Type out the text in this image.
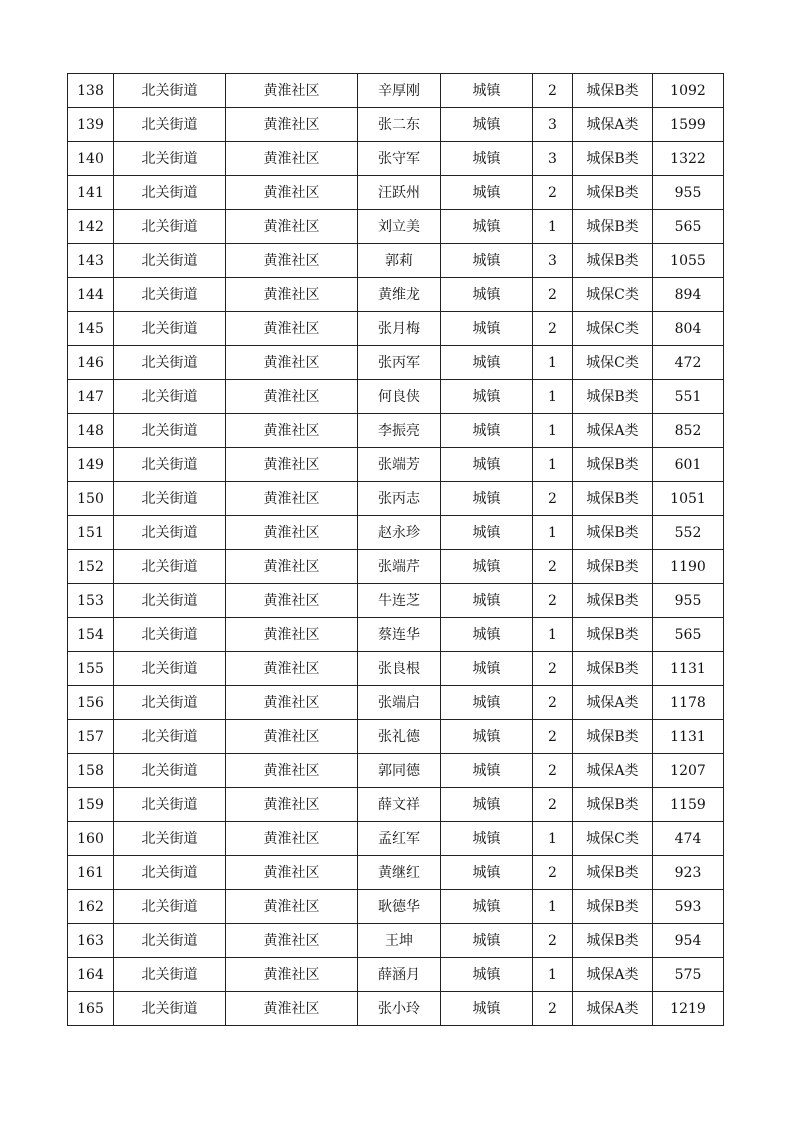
138	北关街道	黄淮社区	辛厚刚	城镇	2	城保B类	1092
139	北关街道	黄淮社区	张二东	城镇	3	城保A类	1599
140	北关街道	黄淮社区	张守军	城镇	3	城保B类	1322
141	北关街道	黄淮社区	汪跃州	城镇	2	城保B类	955
142	北关街道	黄淮社区	刘立美	城镇	1	城保B类	565
143	北关街道	黄淮社区	郭莉	城镇	3	城保B类	1055
144	北关街道	黄淮社区	黄维龙	城镇	2	城保C类	894
145	北关街道	黄淮社区	张月梅	城镇	2	城保C类	804
146	北关街道	黄淮社区	张丙军	城镇	1	城保C类	472
147	北关街道	黄淮社区	何良侠	城镇	1	城保B类	551
148	北关街道	黄淮社区	李振亮	城镇	1	城保A类	852
149	北关街道	黄淮社区	张端芳	城镇	1	城保B类	601
150	北关街道	黄淮社区	张丙志	城镇	2	城保B类	1051
151	北关街道	黄淮社区	赵永珍	城镇	1	城保B类	552
152	北关街道	黄淮社区	张端芹	城镇	2	城保B类	1190
153	北关街道	黄淮社区	牛连芝	城镇	2	城保B类	955
154	北关街道	黄淮社区	蔡连华	城镇	1	城保B类	565
155	北关街道	黄淮社区	张良根	城镇	2	城保B类	1131
156	北关街道	黄淮社区	张端启	城镇	2	城保A类	1178
157	北关街道	黄淮社区	张礼德	城镇	2	城保B类	1131
158	北关街道	黄淮社区	郭同德	城镇	2	城保A类	1207
159	北关街道	黄淮社区	薛文祥	城镇	2	城保B类	1159
160	北关街道	黄淮社区	孟红军	城镇	1	城保C类	474
161	北关街道	黄淮社区	黄继红	城镇	2	城保B类	923
162	北关街道	黄淮社区	耿德华	城镇	1	城保B类	593
163	北关街道	黄淮社区	王坤	城镇	2	城保B类	954
164	北关街道	黄淮社区	薛涵月	城镇	1	城保A类	575
165	北关街道	黄淮社区	张小玲	城镇	2	城保A类	1219
